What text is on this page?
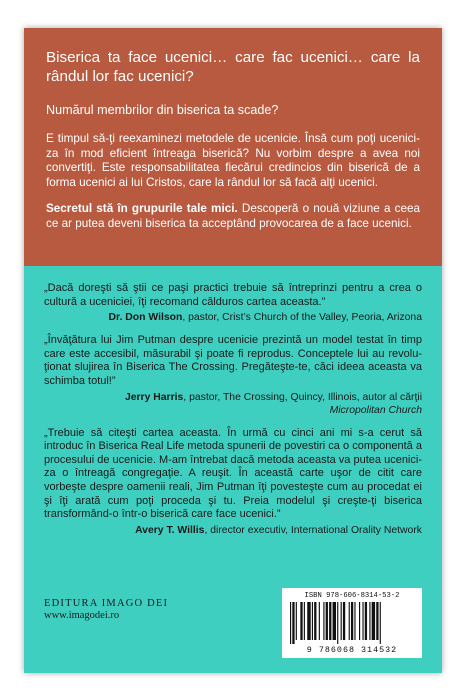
Biserica ta face ucenici… care fac ucenici… care la rândul lor fac ucenici?

Numărul membrilor din biserica ta scade?

E timpul să-ţi reexaminezi metodele de ucenicie. Însă cum poţi uceniciza în mod eficient întreaga biserică? Nu vorbim despre a avea noi convertiţi. Este responsabilitatea fiecărui credincios din biserică de a forma ucenici ai lui Cristos, care la rândul lor să facă alţi ucenici.

Secretul stă în grupurile tale mici. Descoperă o nouă viziune a ceea ce ar putea deveni biserica ta acceptând provocarea de a face ucenici.

„Dacă doreşti să ştii ce paşi practici trebuie să întreprinzi pentru a crea o cultură a uceniciei, îţi recomand călduros cartea aceasta.”

Dr. Don Wilson, pastor, Crist’s Church of the Valley, Peoria, Arizona

„Învăţătura lui Jim Putman despre ucenicie prezintă un model testat în timp care este accesibil, măsurabil şi poate fi reprodus. Conceptele lui au revoluţionat slujirea în Biserica The Crossing. Pregăteşte-te, căci ideea aceasta va schimba totul!”

Jerry Harris, pastor, The Crossing, Quincy, Illinois, autor al cărţii
Micropolitan Church

„Trebuie să citeşti cartea aceasta. În urmă cu cinci ani mi s-a cerut să introduc în Biserica Real Life metoda spunerii de povestiri ca o componentă a procesului de ucenicie. M-am întrebat dacă metoda aceasta va putea uceniciza o întreagă congregaţie. A reuşit. În această carte uşor de citit care vorbeşte despre oamenii reali, Jim Putman îţi povesteşte cum au procedat ei şi îţi arată cum poţi proceda şi tu. Preia modelul şi creşte-ţi biserica transformând-o într-o biserică care face ucenici.”

Avery T. Willis, director executiv, International Orality Network

EDITURA IMAGO DEI
www.imagodei.ro
ISBN 978-606-8314-53-2
9 786068 314532
